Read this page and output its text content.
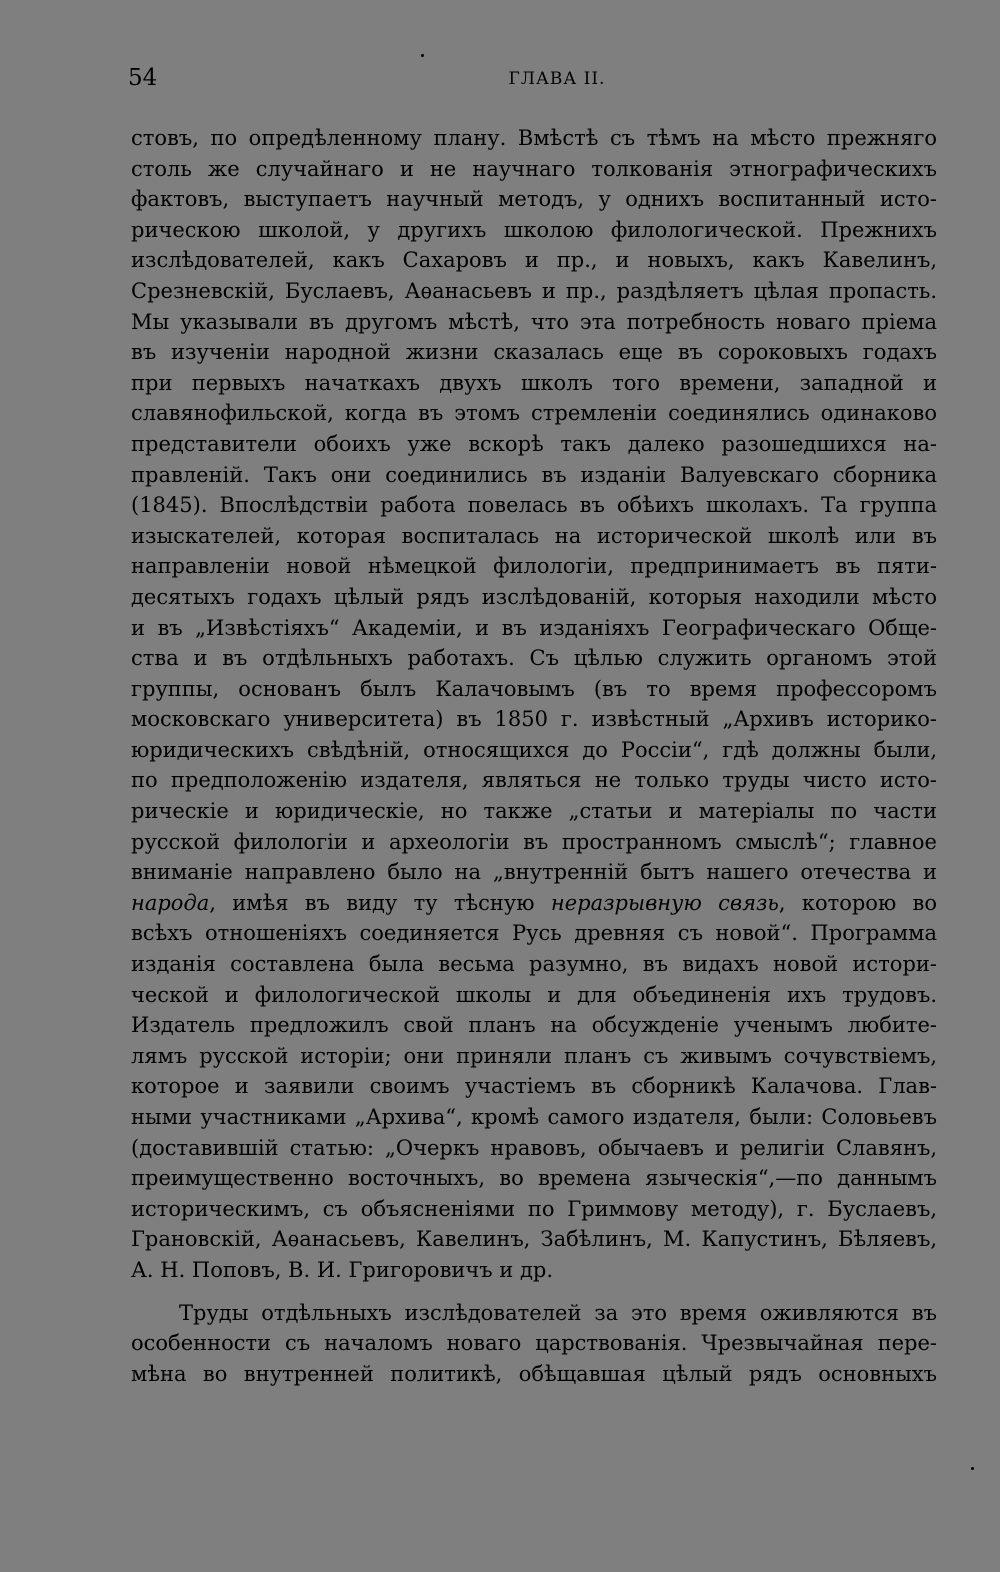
54	ГЛАВА II.
стовъ, по опредѣленному плану. Вмѣстѣ съ тѣмъ на мѣсто прежняго
столь же случайнаго и не научнаго толкованія этнографическихъ
фактовъ, выступаетъ научный методъ, у однихъ воспитанный исто-
рическою школой, у другихъ школою филологической. Прежнихъ
изслѣдователей, какъ Сахаровъ и пр., и новыхъ, какъ Кавелинъ,
Срезневскій, Буслаевъ, Аѳанасьевъ и пр., раздѣляетъ цѣлая пропасть.
Мы указывали въ другомъ мѣстѣ, что эта потребность новаго пріема
въ изученіи народной жизни сказалась еще въ сороковыхъ годахъ
при первыхъ начаткахъ двухъ школъ того времени, западной и
славянофильской, когда въ этомъ стремленіи соединялись одинаково
представители обоихъ уже вскорѣ такъ далеко разошедшихся на-
правленій. Такъ они соединились въ изданіи Валуевскаго сборника
(1845). Впослѣдствіи работа повелась въ обѣихъ школахъ. Та группа
изыскателей, которая воспиталась на исторической школѣ или въ
направленіи новой нѣмецкой филологіи, предпринимаетъ въ пяти-
десятыхъ годахъ цѣлый рядъ изслѣдованій, которыя находили мѣсто
и въ „Извѣстіяхъ“ Академіи, и въ изданіяхъ Географическаго Обще-
ства и въ отдѣльныхъ работахъ. Съ цѣлью служить органомъ этой
группы, основанъ былъ Калачовымъ (въ то время профессоромъ
московскаго университета) въ 1850 г. извѣстный „Архивъ историко-
юридическихъ свѣдѣній, относящихся до Россіи“, гдѣ должны были,
по предположенію издателя, являться не только труды чисто исто-
рическіе и юридическіе, но также „статьи и матеріалы по части
русской филологіи и археологіи въ пространномъ смыслѣ“; главное
вниманіе направлено было на „внутренній бытъ нашего отечества и
народа, имѣя въ виду ту тѣсную неразрывную связь, которою во
всѣхъ отношеніяхъ соединяется Русь древняя съ новой“. Программа
изданія составлена была весьма разумно, въ видахъ новой истори-
ческой и филологической школы и для объединенія ихъ трудовъ.
Издатель предложилъ свой планъ на обсужденіе ученымъ любите-
лямъ русской исторіи; они приняли планъ съ живымъ сочувствіемъ,
которое и заявили своимъ участіемъ въ сборникѣ Калачова. Глав-
ными участниками „Архива“, кромѣ самого издателя, были: Соловьевъ
(доставившій статью: „Очеркъ нравовъ, обычаевъ и религіи Славянъ,
преимущественно восточныхъ, во времена языческія“,—по даннымъ
историческимъ, съ объясненіями по Гриммову методу), г. Буслаевъ,
Грановскій, Аѳанасьевъ, Кавелинъ, Забѣлинъ, М. Капустинъ, Бѣляевъ,
А. Н. Поповъ, В. И. Григоровичъ и др.
Труды отдѣльныхъ изслѣдователей за это время оживляются въ
особенности съ началомъ новаго царствованія. Чрезвычайная пере-
мѣна во внутренней политикѣ, обѣщавшая цѣлый рядъ основныхъ
